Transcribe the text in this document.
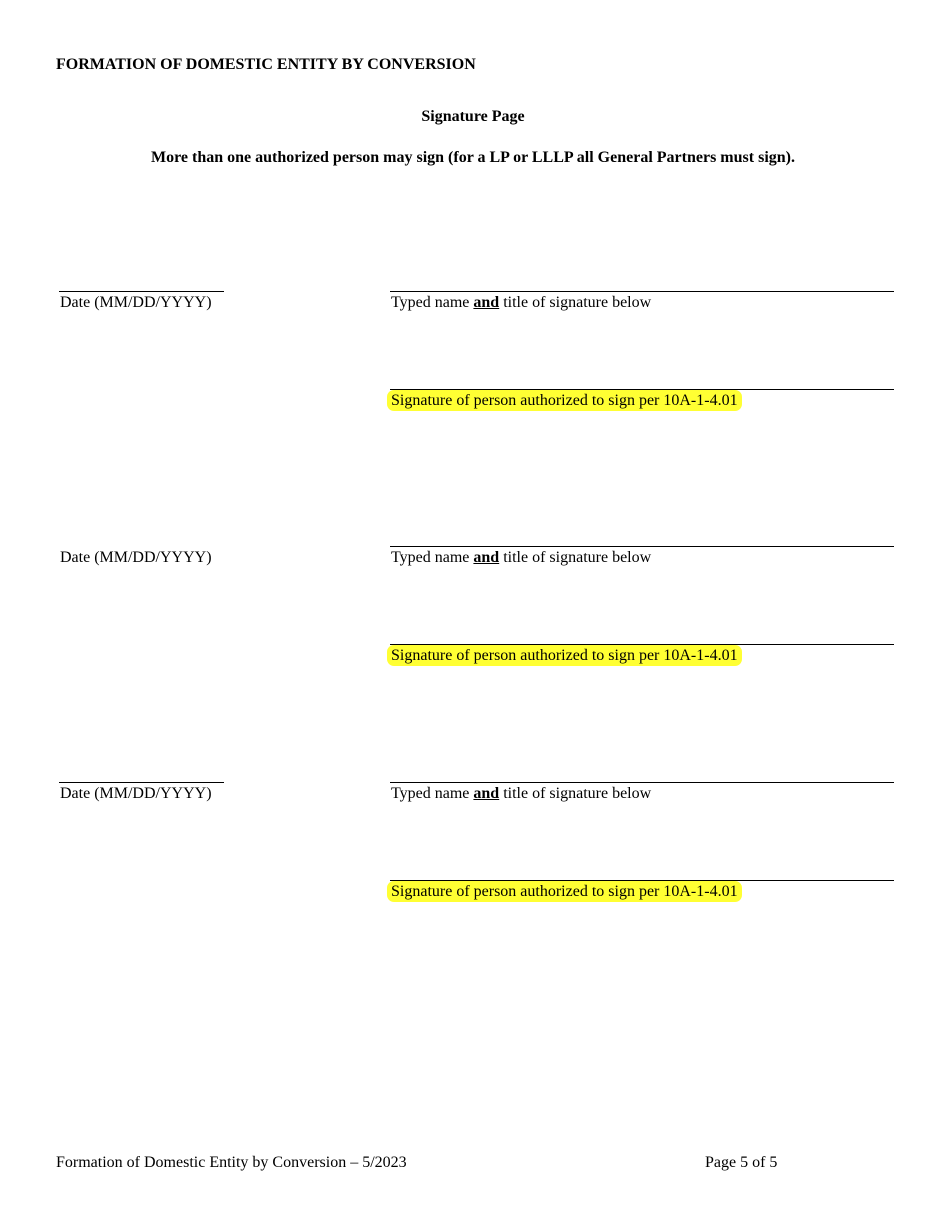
FORMATION OF DOMESTIC ENTITY BY CONVERSION
Signature Page
More than one authorized person may sign (for a LP or LLLP all General Partners must sign).
Date (MM/DD/YYYY)	Typed name and title of signature below
Signature of person authorized to sign per 10A-1-4.01
Date (MM/DD/YYYY)	Typed name and title of signature below
Signature of person authorized to sign per 10A-1-4.01
Date (MM/DD/YYYY)	Typed name and title of signature below
Signature of person authorized to sign per 10A-1-4.01
Formation of Domestic Entity by Conversion – 5/2023	Page 5 of 5
